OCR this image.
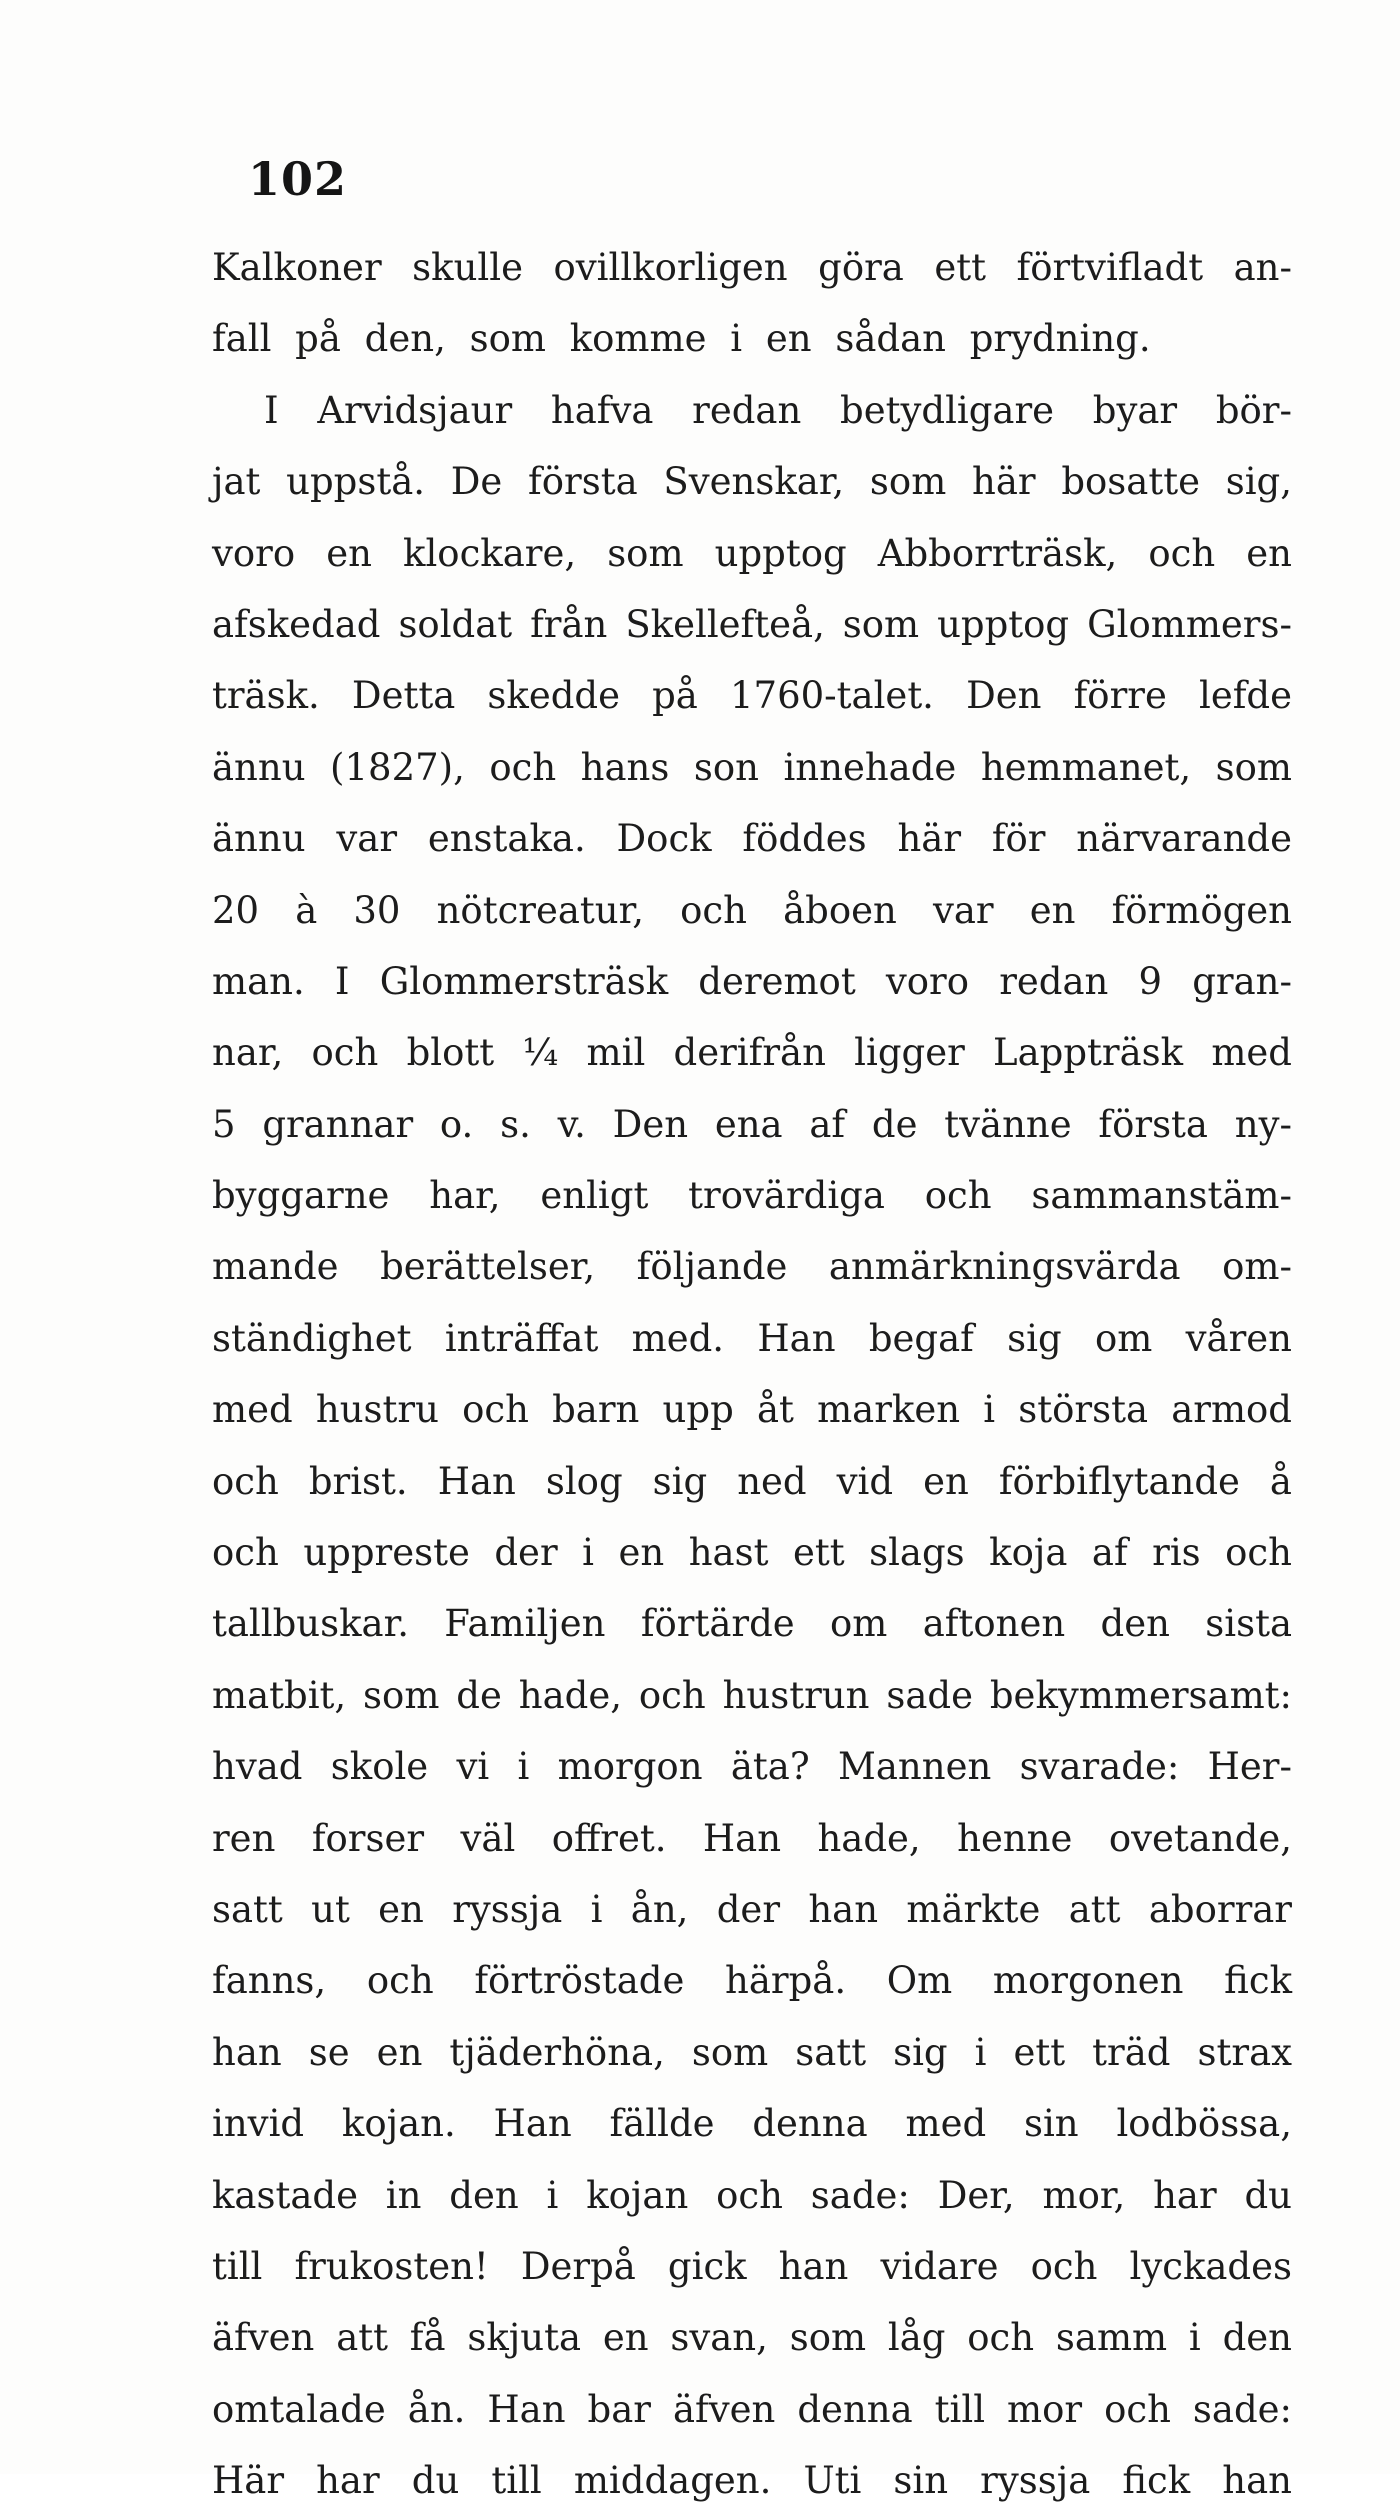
102

Kalkoner skulle ovillkorligen göra ett förtvifladt an-
fall på den, som komme i en sådan prydning.
I Arvidsjaur hafva redan betydligare byar bör-
jat uppstå. De första Svenskar, som här bosatte sig,
voro en klockare, som upptog Abborrträsk, och en
afskedad soldat från Skellefteå, som upptog Glommers-
träsk. Detta skedde på 1760-talet. Den förre lefde
ännu (1827), och hans son innehade hemmanet, som
ännu var enstaka. Dock föddes här för närvarande
20 à 30 nötcreatur, och åboen var en förmögen
man. I Glommersträsk deremot voro redan 9 gran-
nar, och blott ¼ mil derifrån ligger Lappträsk med
5 grannar o. s. v. Den ena af de tvänne första ny-
byggarne har, enligt trovärdiga och sammanstäm-
mande berättelser, följande anmärkningsvärda om-
ständighet inträffat med. Han begaf sig om våren
med hustru och barn upp åt marken i största armod
och brist. Han slog sig ned vid en förbiflytande å
och uppreste der i en hast ett slags koja af ris och
tallbuskar. Familjen förtärde om aftonen den sista
matbit, som de hade, och hustrun sade bekymmersamt:
hvad skole vi i morgon äta? Mannen svarade: Her-
ren forser väl offret. Han hade, henne ovetande,
satt ut en ryssja i ån, der han märkte att aborrar
fanns, och förtröstade härpå. Om morgonen fick
han se en tjäderhöna, som satt sig i ett träd strax
invid kojan. Han fällde denna med sin lodbössa,
kastade in den i kojan och sade: Der, mor, har du
till frukosten! Derpå gick han vidare och lyckades
äfven att få skjuta en svan, som låg och samm i den
omtalade ån. Han bar äfven denna till mor och sade:
Här har du till middagen. Uti sin ryssja fick han
